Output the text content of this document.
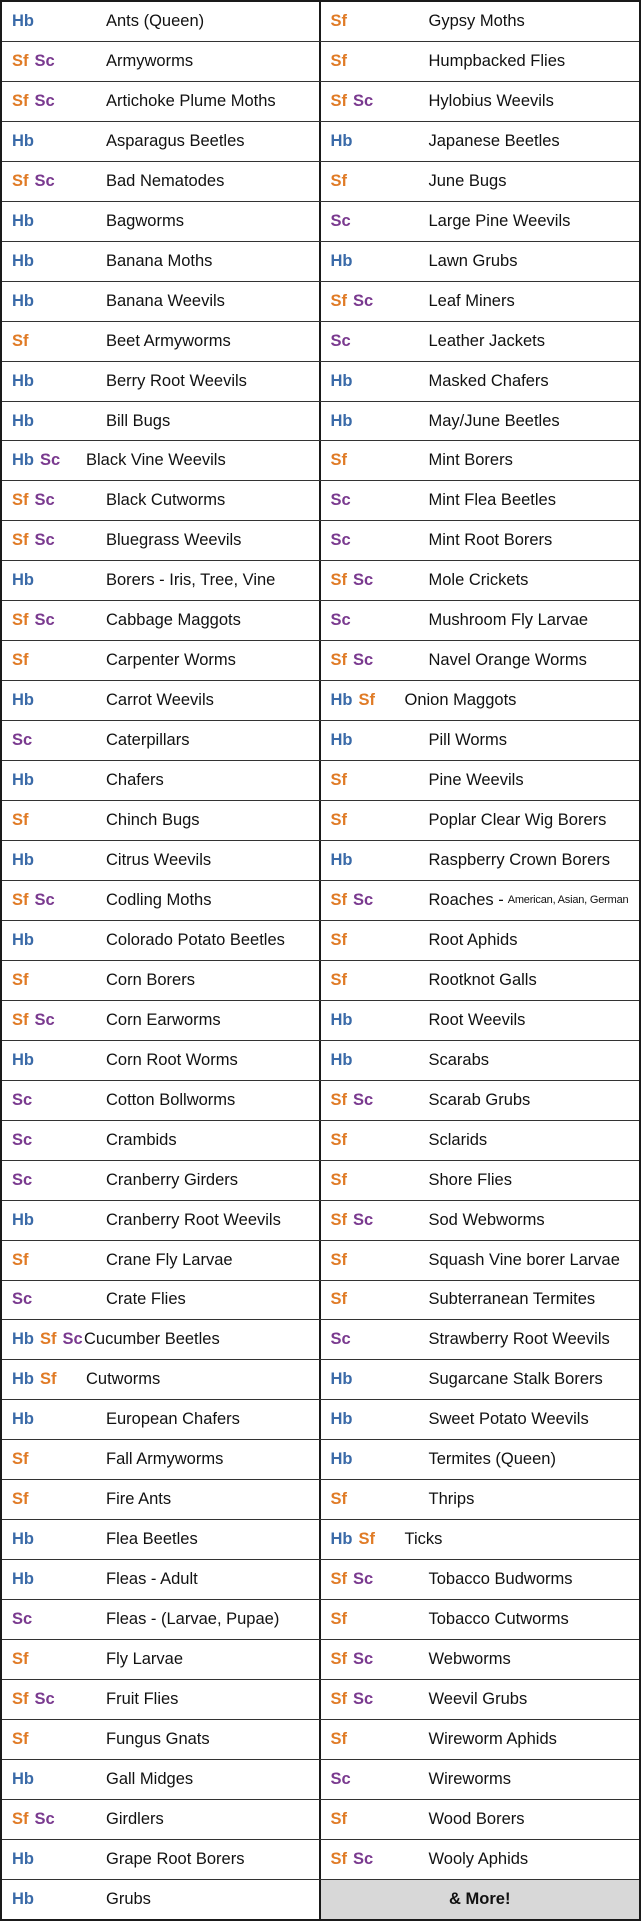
Hb	Ants (Queen)	Sf	Gypsy Moths
Sf Sc	Armyworms	Sf	Humpbacked Flies
Sf Sc	Artichoke Plume Moths	Sf Sc	Hylobius Weevils
Hb	Asparagus Beetles	Hb	Japanese Beetles
Sf Sc	Bad Nematodes	Sf	June Bugs
Hb	Bagworms	Sc	Large Pine Weevils
Hb	Banana Moths	Hb	Lawn Grubs
Hb	Banana Weevils	Sf Sc	Leaf Miners
Sf	Beet Armyworms	Sc	Leather Jackets
Hb	Berry Root Weevils	Hb	Masked Chafers
Hb	Bill Bugs	Hb	May/June Beetles
Hb Sc Black Vine Weevils	Sf	Mint Borers
Sf Sc	Black Cutworms	Sc	Mint Flea Beetles
Sf Sc	Bluegrass Weevils	Sc	Mint Root Borers
Hb	Borers - Iris, Tree, Vine	Sf Sc	Mole Crickets
Sf Sc	Cabbage Maggots	Sc	Mushroom Fly Larvae
Sf	Carpenter Worms	Sf Sc	Navel Orange Worms
Hb	Carrot Weevils	Hb Sf Onion Maggots
Sc	Caterpillars	Hb	Pill Worms
Hb	Chafers	Sf	Pine Weevils
Sf	Chinch Bugs	Sf	Poplar Clear Wig Borers
Hb	Citrus Weevils	Hb	Raspberry Crown Borers
Sf Sc	Codling Moths	Sf Sc	Roaches - American, Asian, German
Hb	Colorado Potato Beetles	Sf	Root Aphids
Sf	Corn Borers	Sf	Rootknot Galls
Sf Sc	Corn Earworms	Hb	Root Weevils
Hb	Corn Root Worms	Hb	Scarabs
Sc	Cotton Bollworms	Sf Sc	Scarab Grubs
Sc	Crambids	Sf	Sclarids
Sc	Cranberry Girders	Sf	Shore Flies
Hb	Cranberry Root Weevils	Sf Sc	Sod Webworms
Sf	Crane Fly Larvae	Sf	Squash Vine borer Larvae
Sc	Crate Flies	Sf	Subterranean Termites
Hb Sf Sc Cucumber Beetles	Sc	Strawberry Root Weevils
Hb Sf Cutworms	Hb	Sugarcane Stalk Borers
Hb	European Chafers	Hb	Sweet Potato Weevils
Sf	Fall Armyworms	Hb	Termites (Queen)
Sf	Fire Ants	Sf	Thrips
Hb	Flea Beetles	Hb Sf Ticks
Hb	Fleas - Adult	Sf Sc	Tobacco Budworms
Sc	Fleas - (Larvae, Pupae)	Sf	Tobacco Cutworms
Sf	Fly Larvae	Sf Sc	Webworms
Sf Sc	Fruit Flies	Sf Sc	Weevil Grubs
Sf	Fungus Gnats	Sf	Wireworm Aphids
Hb	Gall Midges	Sc	Wireworms
Sf Sc	Girdlers	Sf	Wood Borers
Hb	Grape Root Borers	Sf Sc	Wooly Aphids
Hb	Grubs	& More!
